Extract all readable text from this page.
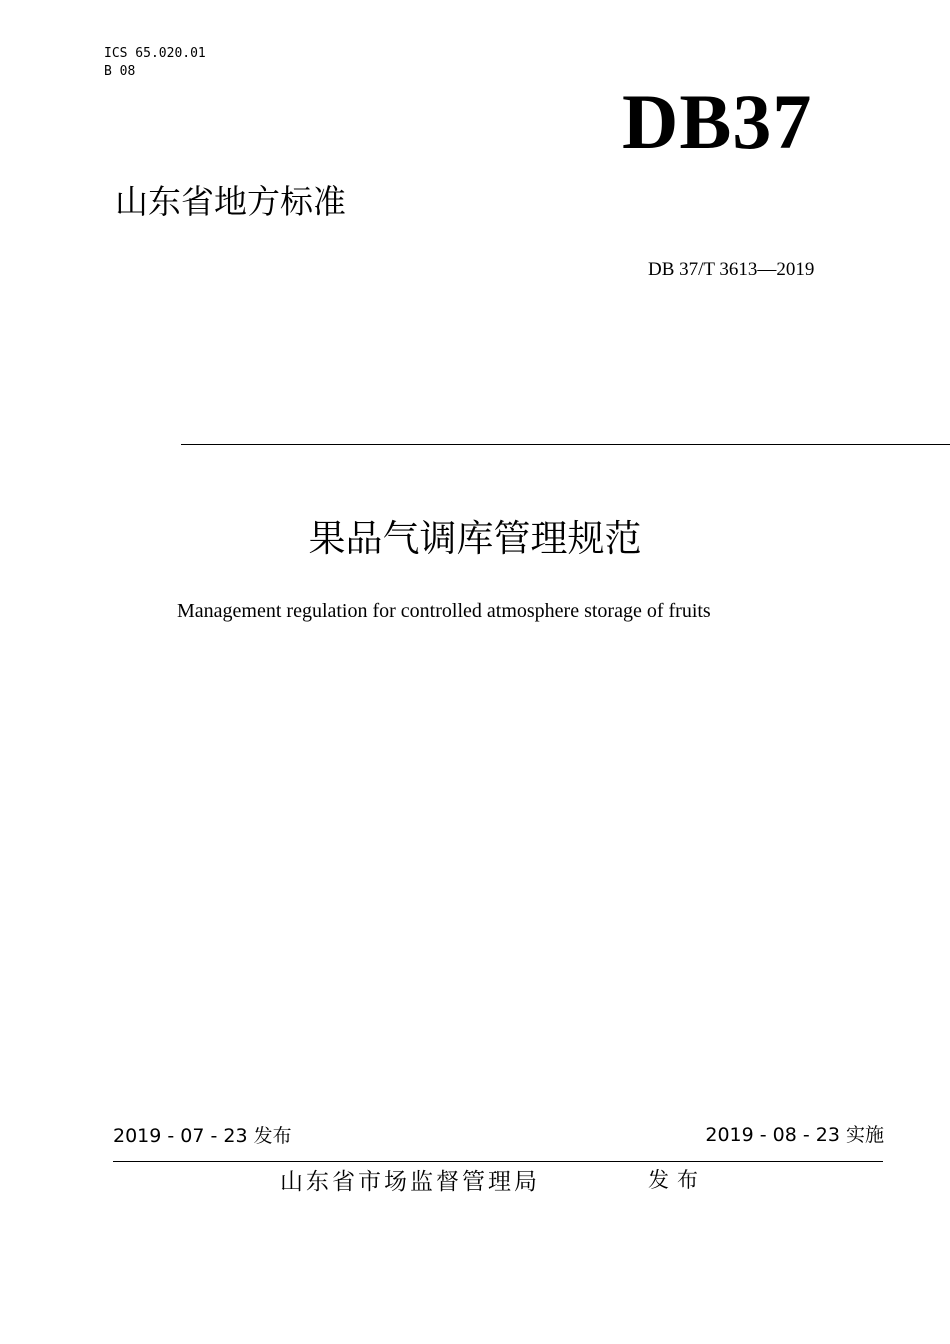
ICS 65.020.01
B 08
DB37
山东省地方标准
DB 37/T 3613—2019
果品气调库管理规范
Management regulation for controlled atmosphere storage of fruits
2019 - 07 - 23 发布	2019 - 08 - 23 实施
山东省市场监督管理局	发布
